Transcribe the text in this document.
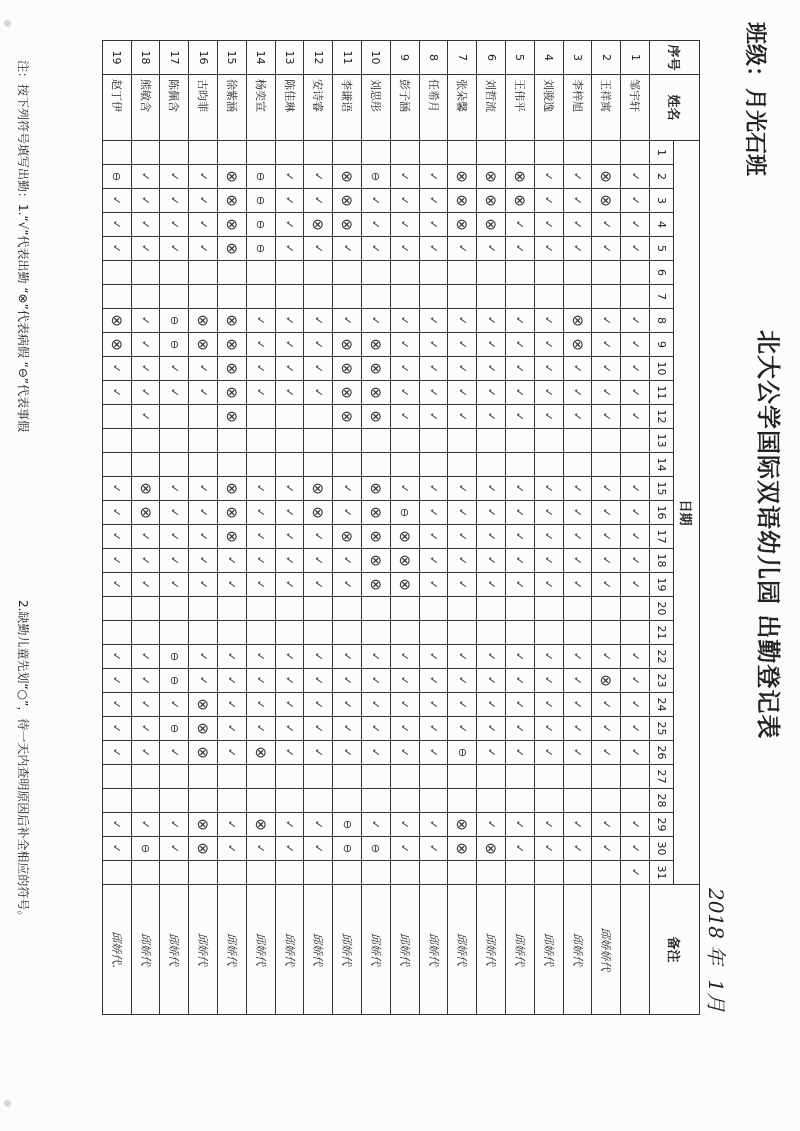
北大公学国际双语幼儿园 出勤登记表
班级：月光石班
2018年 1月
序号	姓名	日期																															备注
		1	2	3	4	5	6	7	8	9	10	11	12	13	14	15	16	17	18	19	20	21	22	23	24	25	26	27	28	29	30	31	
1	邹宇轩		✓	✓	✓	✓			✓	✓	✓	✓	✓			✓	✓	✓	✓	✓			✓	✓	✓	✓	✓			✓	✓	✓	
2	王祥寓		⊗	⊗	✓	✓			✓	✓	✓	✓	✓			✓	✓	✓	✓	✓			✓	⊗	✓	✓	✓			✓	✓		邱娇娇代
3	李梓旭		✓	✓	✓	✓			⊗	⊗	✓	✓	✓			✓	✓	✓	✓	✓			✓	✓	✓	✓	✓			✓	✓		邱娇代
4	刘骏逸		✓	✓	✓	✓			✓	✓	✓	✓	✓			✓	✓	✓	✓	✓			✓	✓	✓	✓	✓			✓	✓		邱娇代
5	王伟平		⊗	⊗	✓	✓			✓	✓	✓	✓	✓			✓	✓	✓	✓	✓			✓	✓	✓	✓	✓			✓	✓		邱娇代
6	刘哲流		⊗	⊗	⊗	✓			✓	✓	✓	✓	✓			✓	✓	✓	✓	✓			✓	✓	✓	✓	✓			✓	⊗		邱娇代
7	张朵馨		⊗	⊗	⊗	✓			✓	✓	✓	✓	✓			✓	✓	✓	✓	✓			✓	✓	✓	✓	⊖			⊗	⊗		邱娇代
8	任希月		✓	✓	✓	✓			✓	✓	✓	✓	✓			✓	✓	✓	✓	✓			✓	✓	✓	✓	✓			✓	✓		邱娇代
9	彭子涵		✓	✓	✓	✓			✓	✓	✓	✓	✓			✓	⊖	⊗	⊗	⊗			✓	✓	✓	✓	✓			✓	✓		邱娇代
10	刘思彤		⊖	✓	✓	✓			✓	⊗	⊗	⊗	⊗			⊗	⊗	⊗	⊗	⊗			✓	✓	✓	✓	✓			✓	⊖		邱娇代
11	李谦语		⊗	⊗	⊗	✓			✓	⊗	⊗	⊗	⊗			✓	✓	⊗	✓	✓			✓	✓	✓	✓	✓			⊖	⊖		邱娇代
12	安诗睿		✓	✓	⊗	✓			✓	✓	✓	✓				⊗	⊗	✓	✓	✓			✓	✓	✓	✓	✓			✓	✓		邱娇代
13	陈佳琳		✓	✓	✓	✓			✓	✓	✓	✓				✓	✓	✓	✓	✓			✓	✓	✓	✓	✓			✓	✓		邱娇代
14	杨奕宣		⊖	⊖	⊖	⊖			✓	✓	✓	✓				✓	✓	✓	✓	✓			✓	✓	✓	✓	⊗			⊗	✓		邱娇代
15	徐紫涵		⊗	⊗	⊗	⊗			⊗	⊗	⊗	⊗	⊗			⊗	⊗	⊗	✓	✓			✓	✓	✓	✓	✓			✓	✓		邱娇代
16	古昀菲		✓	✓	✓	✓			⊗	⊗	✓	✓				✓	✓	✓	✓	✓			✓	✓	⊗	⊗	⊗			⊗	⊗		邱娇代
17	陈佩含		✓	✓	✓	✓			⊖	⊖	✓	✓				✓	✓	✓	✓	✓			⊖	⊖	✓	⊖	✓			✓	✓		邱娇代
18	熊敏含		✓	✓	✓	✓			✓	✓	✓	✓	✓			⊗	⊗	✓	✓	✓			✓	✓	✓	✓	✓			✓	⊖		邱娇代
19	赵丁伊		⊖	✓	✓	✓			⊗	⊗	✓	✓				✓	✓	✓	✓	✓			✓	✓	✓	✓	✓			✓	✓		邱娇代.
注：按下列符号填写出勤：1.“√”代表出勤 “⊗”代表病假 “⊖”代表事假
2.缺勤儿童先划“○”，待一天内查明原因后补全相应的符号。
